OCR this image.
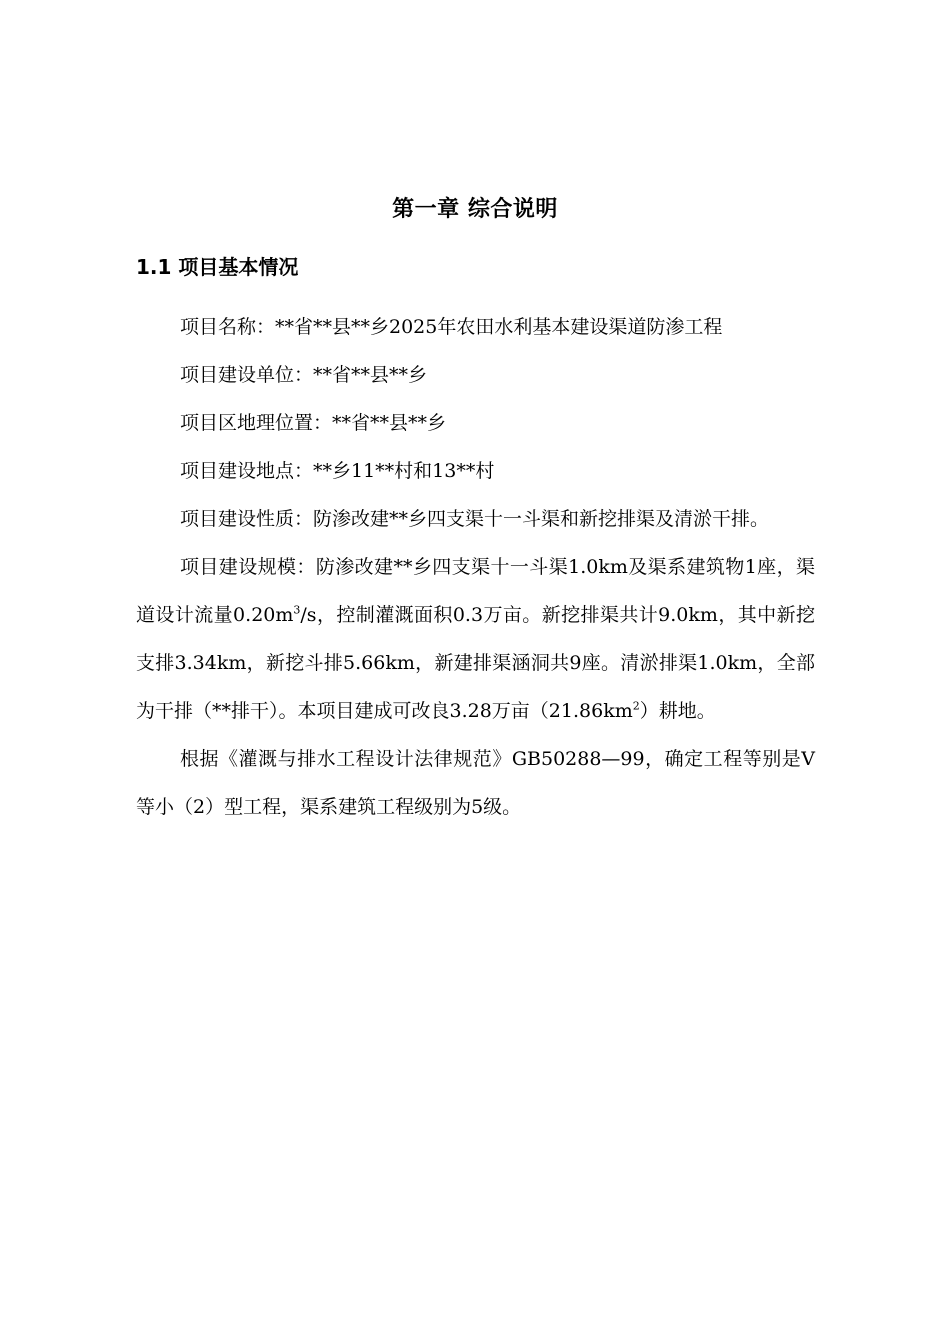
第一章 综合说明
1.1 项目基本情况

项目名称：**省**县**乡2025年农田水利基本建设渠道防渗工程

项目建设单位：**省**县**乡

项目区地理位置：**省**县**乡

项目建设地点：**乡11**村和13**村

项目建设性质：防渗改建**乡四支渠十一斗渠和新挖排渠及清淤干排。

项目建设规模：防渗改建**乡四支渠十一斗渠1.0km及渠系建筑物1座，渠道设计流量$0.20m^3/s$，控制灌溉面积0.3万亩。新挖排渠共计9.0km，其中新挖支排3.34km，新挖斗排5.66km，新建排渠涵洞共9座。清淤排渠1.0km，全部为干排（**排干）。本项目建成可改良3.28万亩$(21.86km^2)$耕地。

根据《灌溉与排水工程设计法律规范》GB50288—99，确定工程等别是Ⅴ等小（2）型工程，渠系建筑工程级别为5级。
